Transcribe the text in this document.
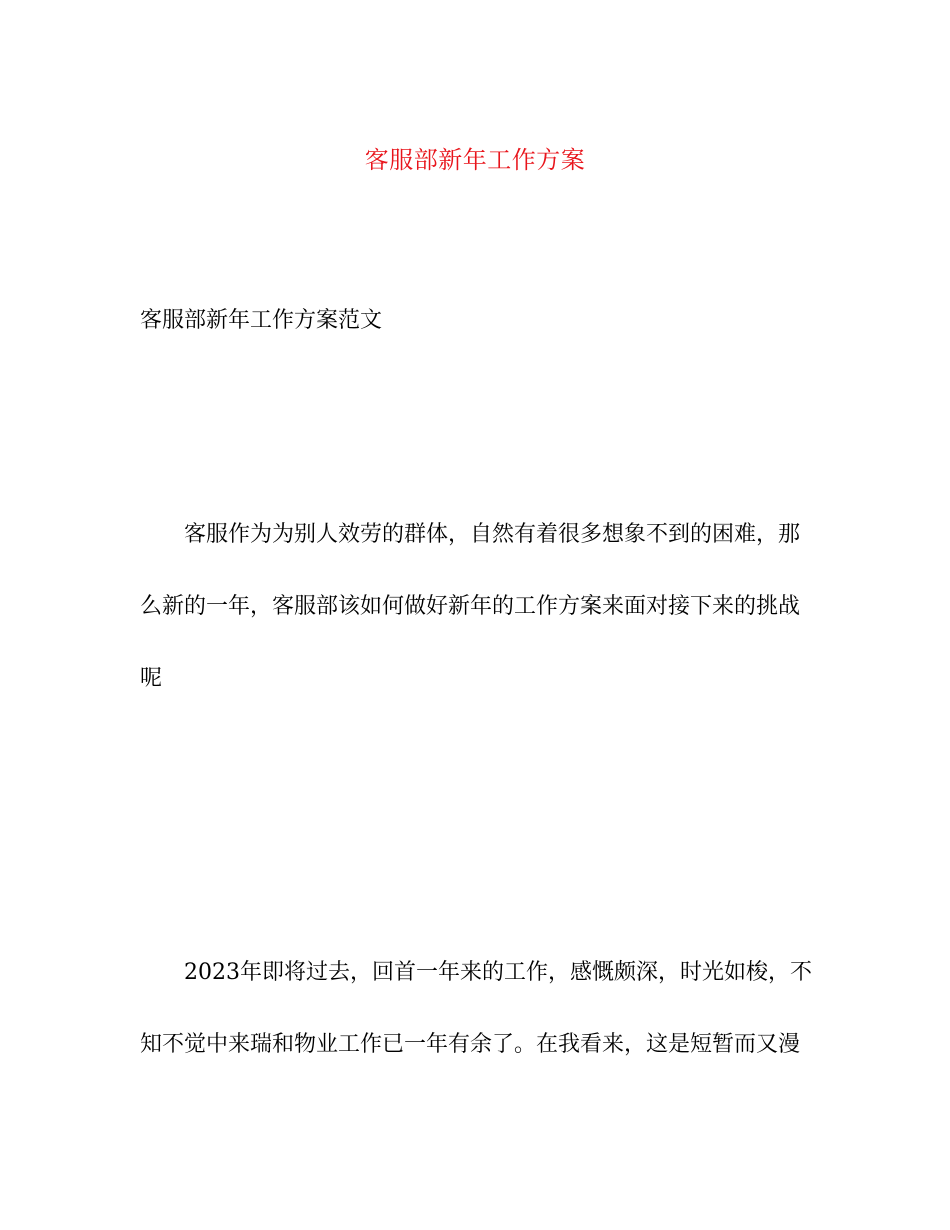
客服部新年工作方案
客服部新年工作方案范文
客服作为为别人效劳的群体，自然有着很多想象不到的困难，那
么新的一年，客服部该如何做好新年的工作方案来面对接下来的挑战
呢
2023年即将过去，回首一年来的工作，感慨颇深，时光如梭，不
知不觉中来瑞和物业工作已一年有余了。在我看来，这是短暂而又漫
